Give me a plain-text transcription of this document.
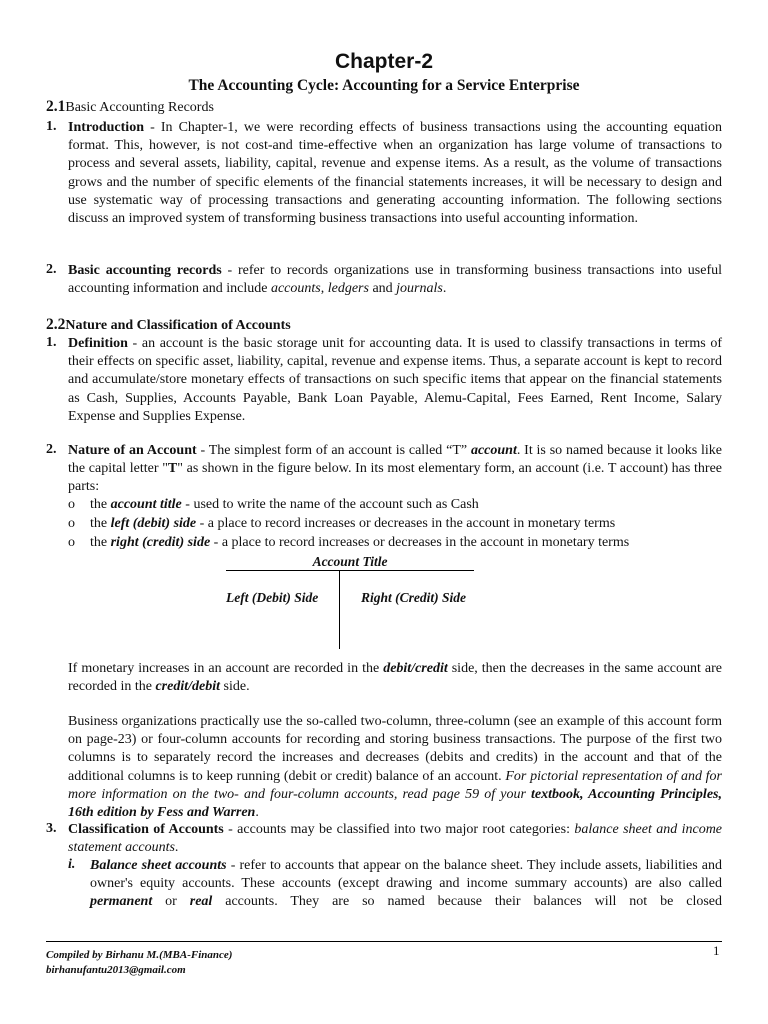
Chapter-2
The Accounting Cycle: Accounting for a Service Enterprise
2.1Basic Accounting Records
1. Introduction - In Chapter-1, we were recording effects of business transactions using the accounting equation format. This, however, is not cost-and time-effective when an organization has large volume of transactions to process and several assets, liability, capital, revenue and expense items. As a result, as the volume of transactions grows and the number of specific elements of the financial statements increases, it will be necessary to design and use systematic way of processing transactions and generating accounting information. The following sections discuss an improved system of transforming business transactions into useful accounting information.
2. Basic accounting records - refer to records organizations use in transforming business transactions into useful accounting information and include accounts, ledgers and journals.
2.2Nature and Classification of Accounts
1. Definition - an account is the basic storage unit for accounting data. It is used to classify transactions in terms of their effects on specific asset, liability, capital, revenue and expense items. Thus, a separate account is kept to record and accumulate/store monetary effects of transactions on such specific items that appear on the financial statements as Cash, Supplies, Accounts Payable, Bank Loan Payable, Alemu-Capital, Fees Earned, Rent Income, Salary Expense and Supplies Expense.
2. Nature of an Account - The simplest form of an account is called “T” account. It is so named because it looks like the capital letter "T" as shown in the figure below. In its most elementary form, an account (i.e. T account) has three parts:
o the account title - used to write the name of the account such as Cash
o the left (debit) side - a place to record increases or decreases in the account in monetary terms
o the right (credit) side - a place to record increases or decreases in the account in monetary terms
Account Title
Left (Debit) Side	Right (Credit) Side
If monetary increases in an account are recorded in the debit/credit side, then the decreases in the same account are recorded in the credit/debit side.
Business organizations practically use the so-called two-column, three-column (see an example of this account form on page-23) or four-column accounts for recording and storing business transactions. The purpose of the first two columns is to separately record the increases and decreases (debits and credits) in the account and that of the additional columns is to keep running (debit or credit) balance of an account. For pictorial representation of and for more information on the two- and four-column accounts, read page 59 of your textbook, Accounting Principles, 16th edition by Fess and Warren.
3. Classification of Accounts - accounts may be classified into two major root categories: balance sheet and income statement accounts.
i. Balance sheet accounts - refer to accounts that appear on the balance sheet. They include assets, liabilities and owner's equity accounts. These accounts (except drawing and income summary accounts) are also called permanent or real accounts. They are so named because their balances will not be closed
Compiled by Birhanu M.(MBA-Finance)
birhanufantu2013@gmail.com
1
